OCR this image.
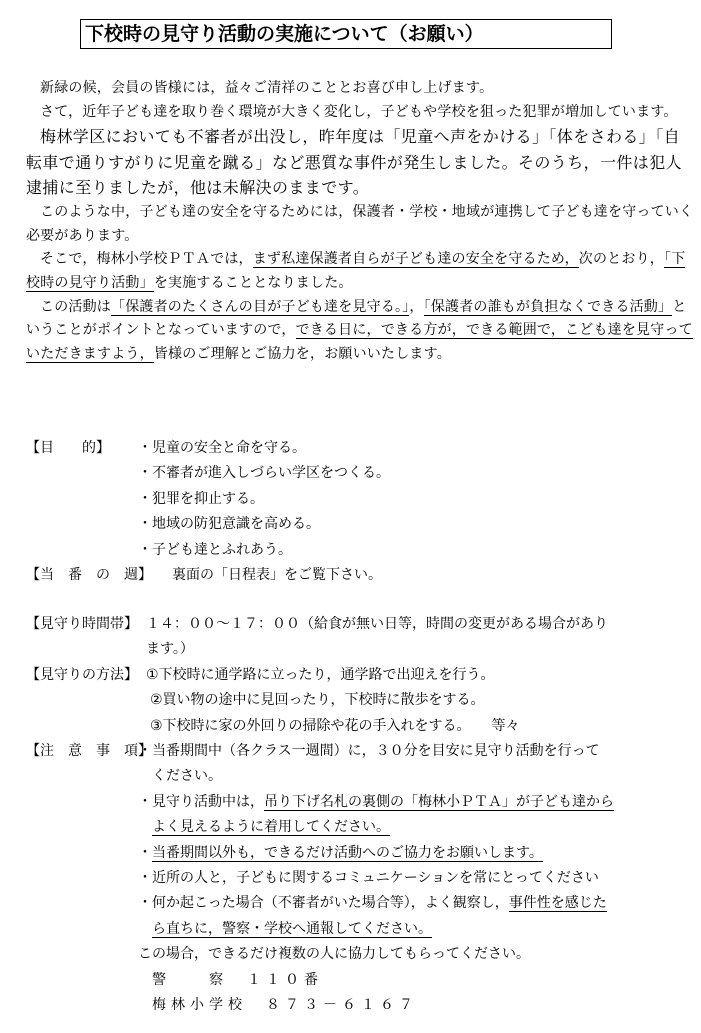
下校時の見守り活動の実施について（お願い）

新緑の候，会員の皆様には，益々ご清祥のこととお喜び申し上げます。

さて，近年子ども達を取り巻く環境が大きく変化し，子どもや学校を狙った犯罪が増加しています。

梅林学区においても不審者が出没し，昨年度は「児童へ声をかける」「体をさわる」「自転車で通りすがりに児童を蹴る」など悪質な事件が発生しました。そのうち，一件は犯人逮捕に至りましたが，他は未解決のままです。

このような中，子ども達の安全を守るためには，保護者・学校・地域が連携して子ども達を守っていく必要があります。

そこで，梅林小学校ＰＴＡでは，まず私達保護者自らが子ども達の安全を守るため，次のとおり，「下校時の見守り活動」を実施することとなりました。

この活動は「保護者のたくさんの目が子ども達を見守る。」，「保護者の誰もが負担なくできる活動」ということがポイントとなっていますので，できる日に，できる方が，できる範囲で，こども達を見守っていただきますよう，皆様のご理解とご協力を，お願いいたします。

【目　　的】 ・児童の安全と命を守る。
・不審者が進入しづらい学区をつくる。
・犯罪を抑止する。
・地域の防犯意識を高める。
・子ども達とふれあう。
【当　番　の　週】 裏面の「日程表」をご覧下さい。
【見守り時間帯】 １４：００～１７：００（給食が無い日等，時間の変更がある場合があり
ます。）
【見守りの方法】 ①下校時に通学路に立ったり，通学路で出迎えを行う。
②買い物の途中に見回ったり，下校時に散歩をする。
③下校時に家の外回りの掃除や花の手入れをする。　　等々
【注　意　事　項】
・当番期間中（各クラス一週間）に，３０分を目安に見守り活動を行って
ください。
・見守り活動中は，吊り下げ名札の裏側の「梅林小ＰＴＡ」が子ども達から
よく見えるように着用してください。
・当番期間以外も，できるだけ活動へのご協力をお願いします。
・近所の人と，子どもに関するコミュニケーションを常にとってください
・何か起こった場合（不審者がいた場合等），よく観察し，事件性を感じた
ら直ちに，警察・学校へ通報してください。
この場合，できるだけ複数の人に協力してもらってください。
警　　察　１１０番
梅林小学校　８７３－６１６７
